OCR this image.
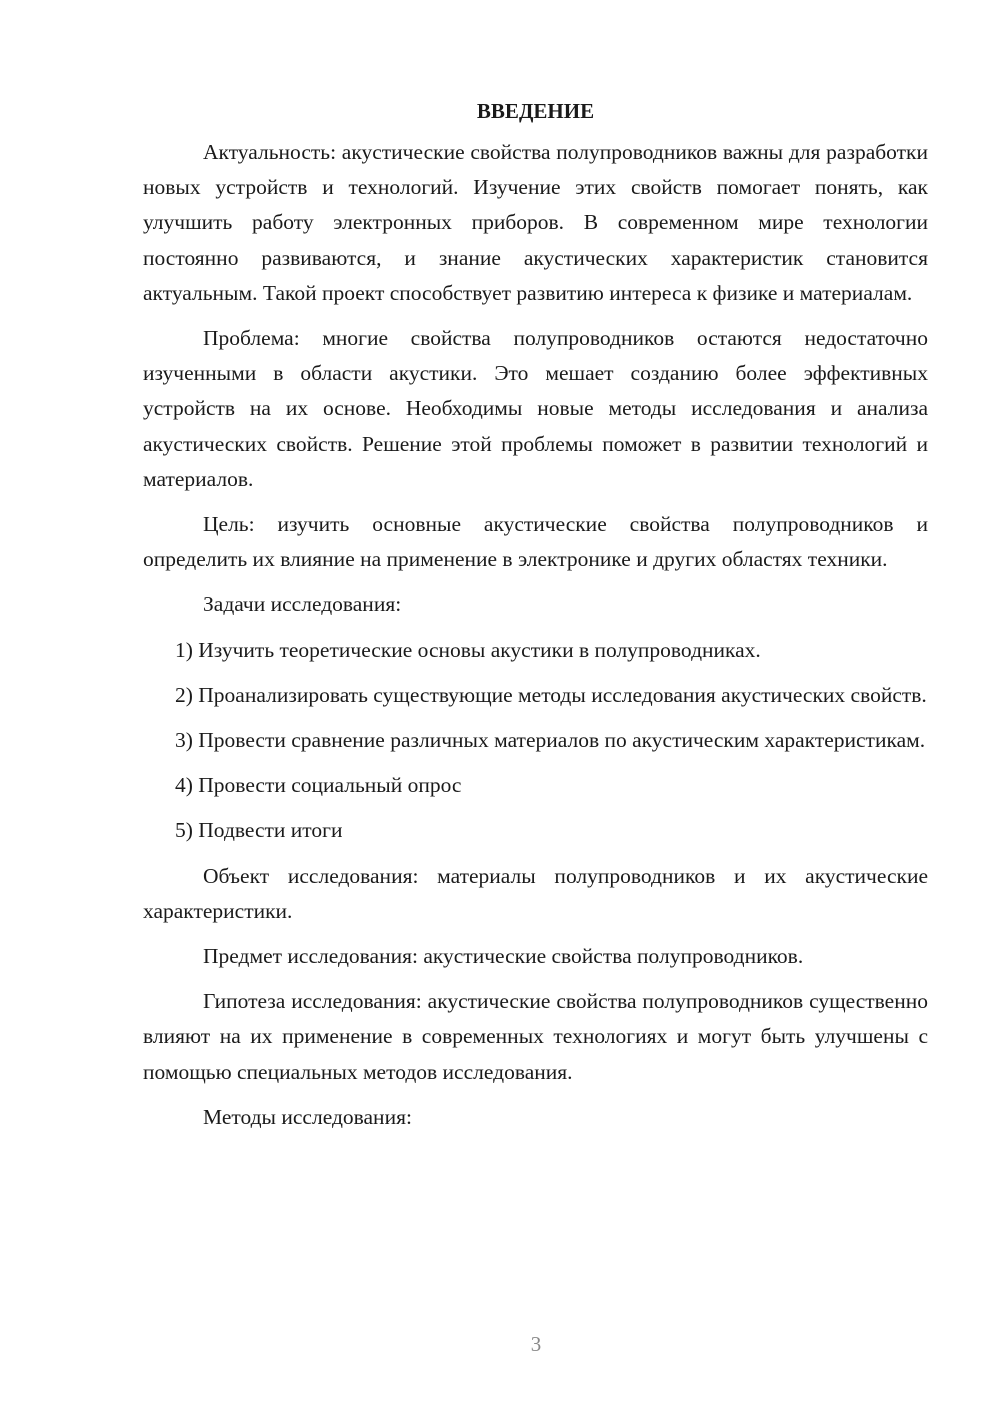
ВВЕДЕНИЕ

Актуальность: акустические свойства полупроводников важны для разработки новых устройств и технологий. Изучение этих свойств помогает понять, как улучшить работу электронных приборов. В современном мире технологии постоянно развиваются, и знание акустических характеристик становится актуальным. Такой проект способствует развитию интереса к физике и материалам.

Проблема: многие свойства полупроводников остаются недостаточно изученными в области акустики. Это мешает созданию более эффективных устройств на их основе. Необходимы новые методы исследования и анализа акустических свойств. Решение этой проблемы поможет в развитии технологий и материалов.

Цель: изучить основные акустические свойства полупроводников и определить их влияние на применение в электронике и других областях техники.

Задачи исследования:

1) Изучить теоретические основы акустики в полупроводниках.

2) Проанализировать существующие методы исследования акустических свойств.

3) Провести сравнение различных материалов по акустическим характеристикам.

4) Провести социальный опрос

5) Подвести итоги

Объект исследования: материалы полупроводников и их акустические характеристики.

Предмет исследования: акустические свойства полупроводников.

Гипотеза исследования: акустические свойства полупроводников существенно влияют на их применение в современных технологиях и могут быть улучшены с помощью специальных методов исследования.

Методы исследования:

3
